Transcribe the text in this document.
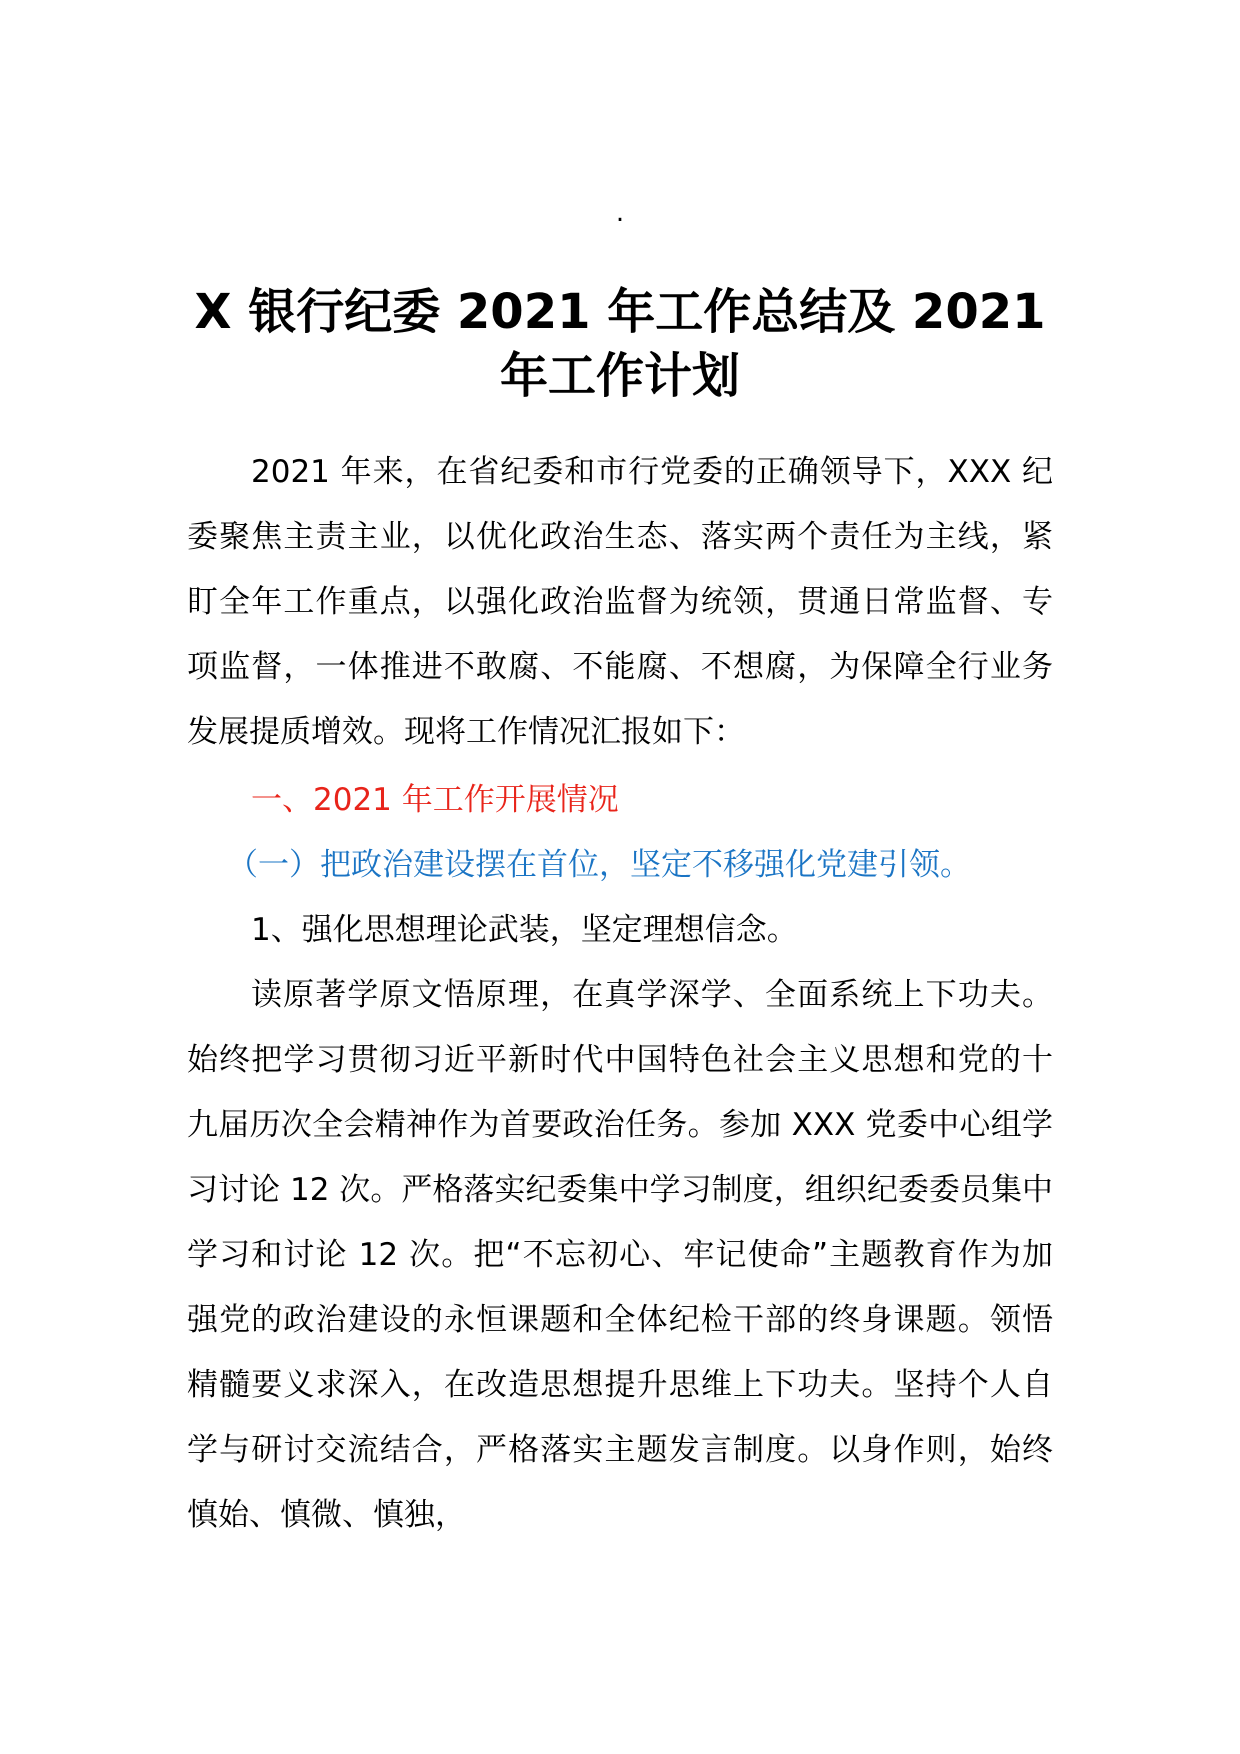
.
X 银行纪委 2021 年工作总结及 2021 年工作计划
2021 年来，在省纪委和市行党委的正确领导下，XXX 纪委聚焦主责主业，以优化政治生态、落实两个责任为主线，紧盯全年工作重点，以强化政治监督为统领，贯通日常监督、专项监督，一体推进不敢腐、不能腐、不想腐，为保障全行业务发展提质增效。现将工作情况汇报如下：
一、2021 年工作开展情况
（一）把政治建设摆在首位，坚定不移强化党建引领。
1、强化思想理论武装，坚定理想信念。
读原著学原文悟原理，在真学深学、全面系统上下功夫。始终把学习贯彻习近平新时代中国特色社会主义思想和党的十九届历次全会精神作为首要政治任务。参加 XXX 党委中心组学习讨论 12 次。严格落实纪委集中学习制度，组织纪委委员集中学习和讨论 12 次。把“不忘初心、牢记使命”主题教育作为加强党的政治建设的永恒课题和全体纪检干部的终身课题。领悟精髓要义求深入，在改造思想提升思维上下功夫。坚持个人自学与研讨交流结合，严格落实主题发言制度。以身作则，始终慎始、慎微、慎独，
